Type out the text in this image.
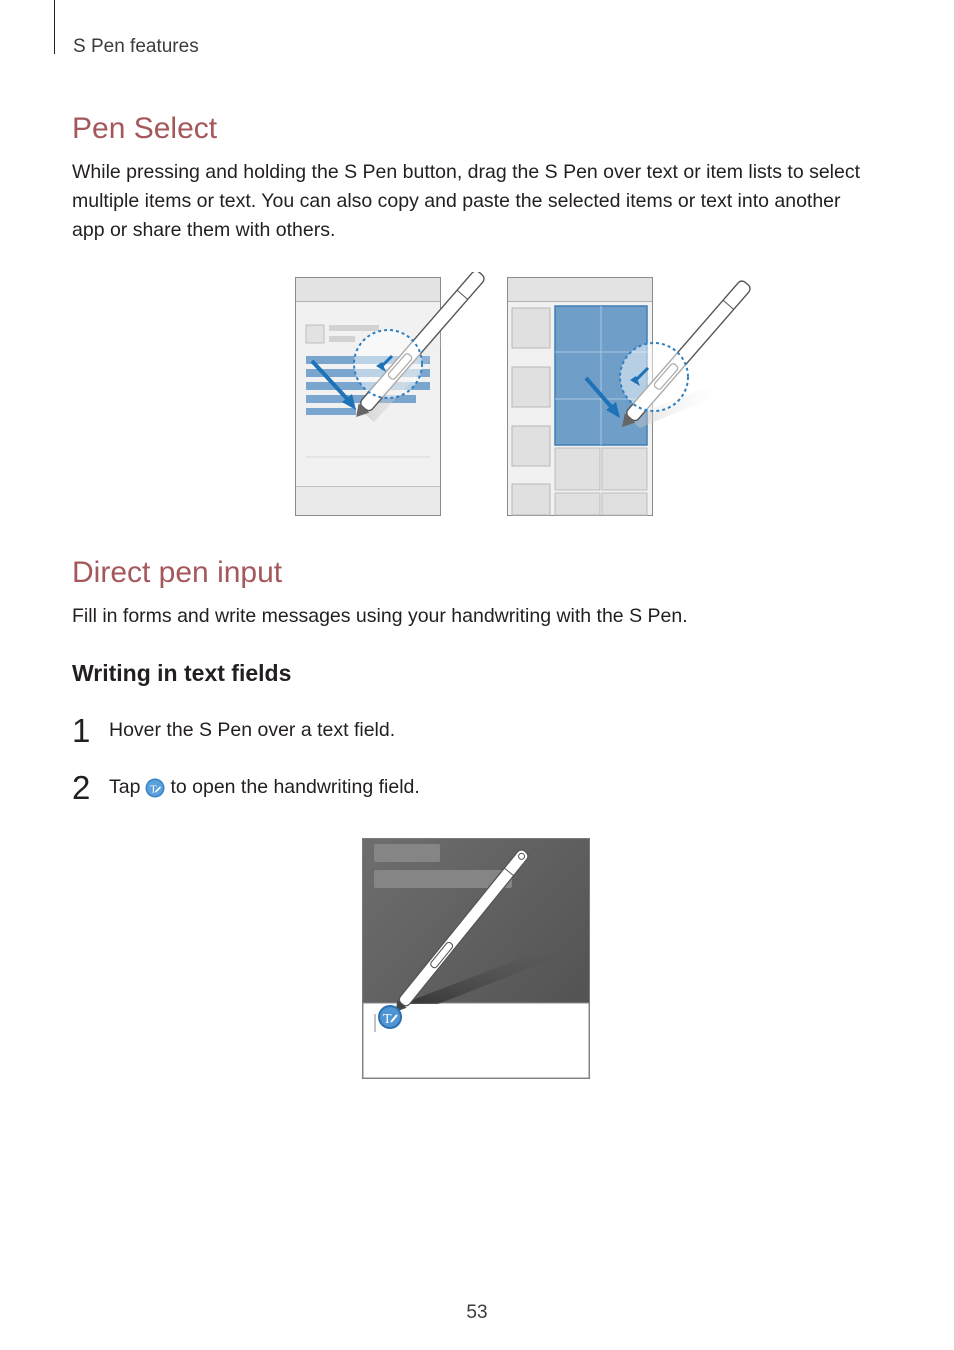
S Pen features
Pen Select

While pressing and holding the S Pen button, drag the S Pen over text or item lists to select multiple items or text. You can also copy and paste the selected items or text into another app or share them with others.

Direct pen input

Fill in forms and write messages using your handwriting with the S Pen.

Writing in text fields
1 Hover the S Pen over a text field.
2 Tap T to open the handwriting field.
T
53
